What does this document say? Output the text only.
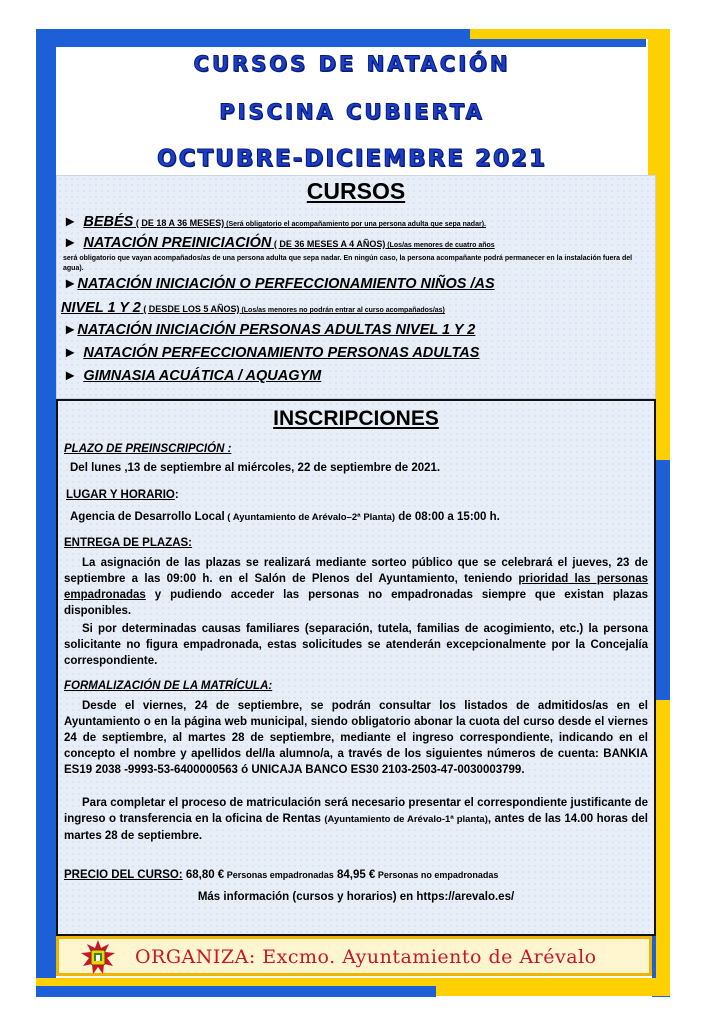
CURSOS DE NATACIÓN
PISCINA CUBIERTA
OCTUBRE-DICIEMBRE 2021
CURSOS
► BEBÉS ( DE 18 A 36 MESES) (Será obligatorio el acompañamiento por una persona adulta que sepa nadar).
► NATACIÓN PREINICIACIÓN ( DE 36 MESES A 4 AÑOS) (Los/as menores de cuatro años
será obligatorio que vayan acompañados/as de una persona adulta que sepa nadar. En ningún caso, la persona acompañante podrá permanecer en la instalación fuera del agua).
►NATACIÓN INICIACIÓN O PERFECCIONAMIENTO NIÑOS /AS
NIVEL 1 Y 2 ( DESDE LOS 5 AÑOS) (Los/as menores no podrán entrar al curso acompañados/as)
►NATACIÓN INICIACIÓN PERSONAS ADULTAS NIVEL 1 Y 2
► NATACIÓN PERFECCIONAMIENTO PERSONAS ADULTAS
► GIMNASIA ACUÁTICA / AQUAGYM
INSCRIPCIONES
PLAZO DE PREINSCRIPCIÓN :
Del lunes ,13 de septiembre al miércoles, 22 de septiembre de 2021.
LUGAR Y HORARIO:
Agencia de Desarrollo Local ( Ayuntamiento de Arévalo–2ª Planta) de 08:00 a 15:00 h.
ENTREGA DE PLAZAS:
La asignación de las plazas se realizará mediante sorteo público que se celebrará el jueves, 23 de septiembre a las 09:00 h. en el Salón de Plenos del Ayuntamiento, teniendo prioridad las personas empadronadas y pudiendo acceder las personas no empadronadas siempre que existan plazas disponibles.
Si por determinadas causas familiares (separación, tutela, familias de acogimiento, etc.) la persona solicitante no figura empadronada, estas solicitudes se atenderán excepcionalmente por la Concejalía correspondiente.
FORMALIZACIÓN DE LA MATRÍCULA:
Desde el viernes, 24 de septiembre, se podrán consultar los listados de admitidos/as en el Ayuntamiento o en la página web municipal, siendo obligatorio abonar la cuota del curso desde el viernes 24 de septiembre, al martes 28 de septiembre, mediante el ingreso correspondiente, indicando en el concepto el nombre y apellidos del/la alumno/a, a través de los siguientes números de cuenta: BANKIA ES19 2038 -9993-53-6400000563 ó UNICAJA BANCO ES30 2103-2503-47-0030003799.
Para completar el proceso de matriculación será necesario presentar el correspondiente justificante de ingreso o transferencia en la oficina de Rentas (Ayuntamiento de Arévalo-1ª planta), antes de las 14.00 horas del martes 28 de septiembre.
PRECIO DEL CURSO: 68,80 € Personas empadronadas 84,95 € Personas no empadronadas
Más información (cursos y horarios) en https://arevalo.es/
ORGANIZA: Excmo. Ayuntamiento de Arévalo
